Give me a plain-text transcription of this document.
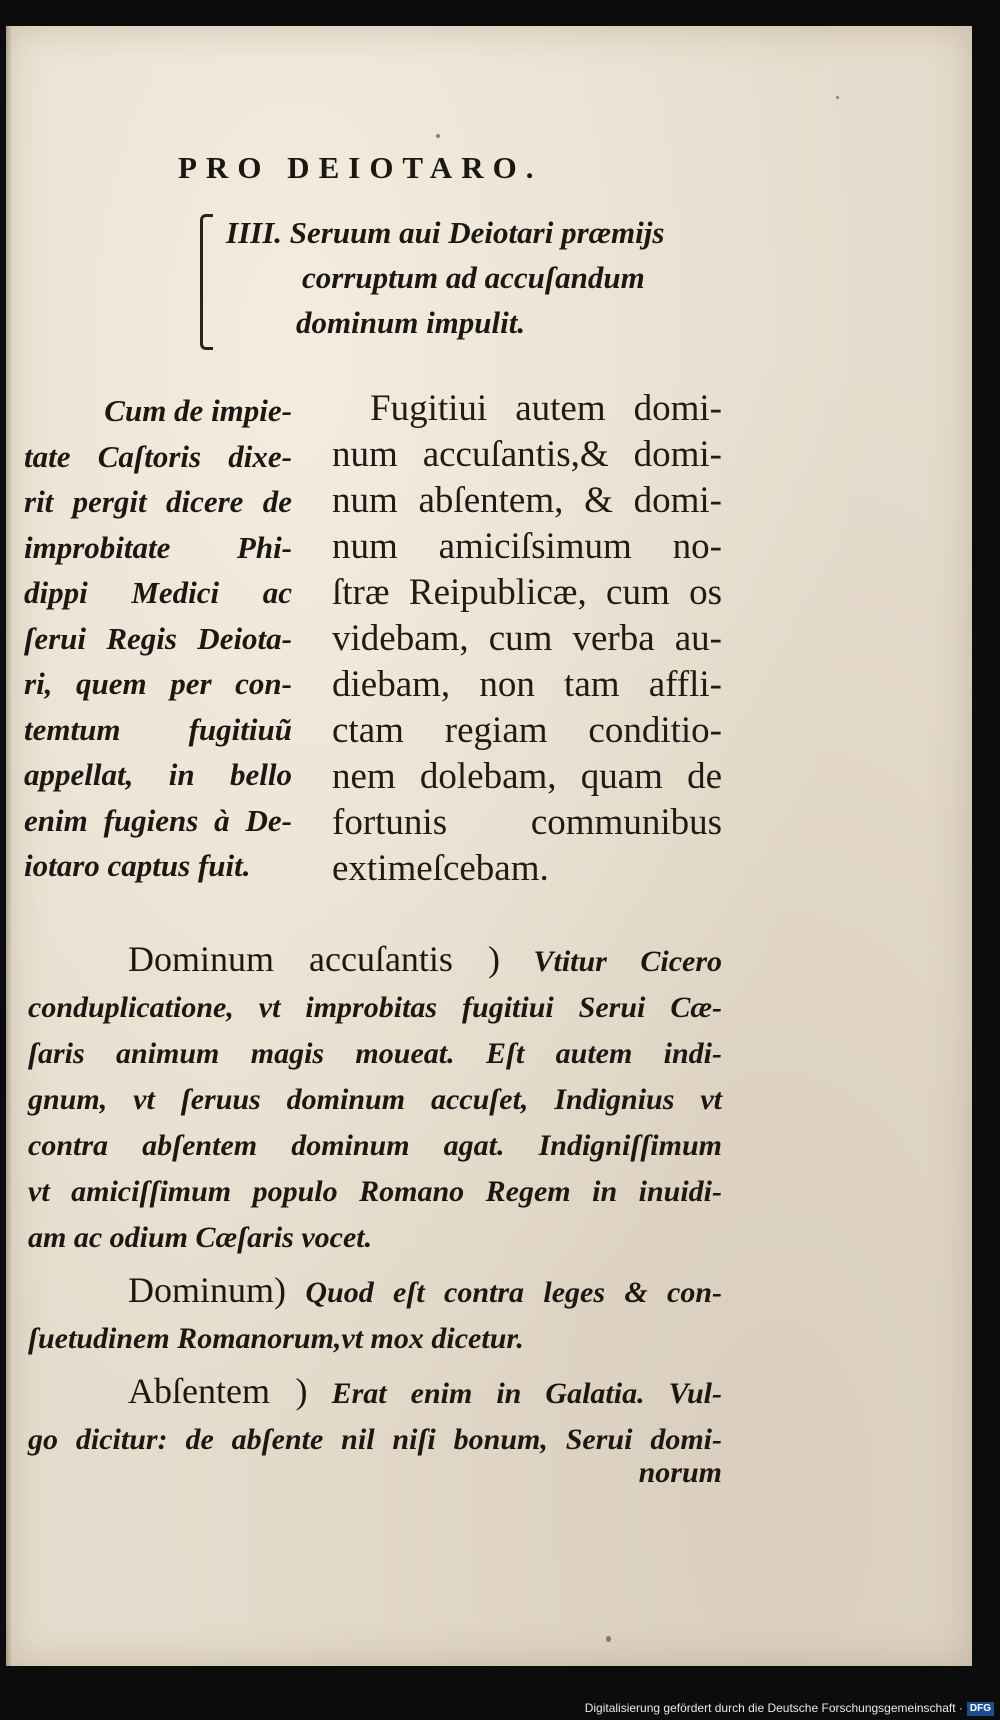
PRO DEIOTARO.
IIII. Seruum aui Deiotari præmijs
corruptum ad accuſandum
dominum impulit.
Cum de impie-
tate Caſtoris dixe-
rit pergit dicere de
improbitate Phi-
dippi Medici ac
ſerui Regis Deiota-
ri, quem per con-
temtum fugitiuũ
appellat, in bello
enim fugiens à De-
iotaro captus fuit.
Fugitiui autem domi-
num accuſantis,& domi-
num abſentem, & domi-
num amiciſsimum no-
ſtræ Reipublicæ, cum os
videbam, cum verba au-
diebam, non tam affli-
ctam regiam conditio-
nem dolebam, quam de
fortunis communibus
extimeſcebam.

Dominum accuſantis ) Vtitur Cicero
conduplicatione, vt improbitas fugitiui Serui Cæ-
ſaris animum magis moueat. Eſt autem indi-
gnum, vt ſeruus dominum accuſet, Indignius vt
contra abſentem dominum agat. Indigniſſimum
vt amiciſſimum populo Romano Regem in inuidi-
am ac odium Cæſaris vocet.

Dominum) Quod eſt contra leges & con-
ſuetudinem Romanorum,vt mox dicetur.

Abſentem ) Erat enim in Galatia. Vul-
go dicitur: de abſente nil niſi bonum, Serui domi-

norum
Digitalisierung gefördert durch die Deutsche Forschungsgemeinschaft · DFG
